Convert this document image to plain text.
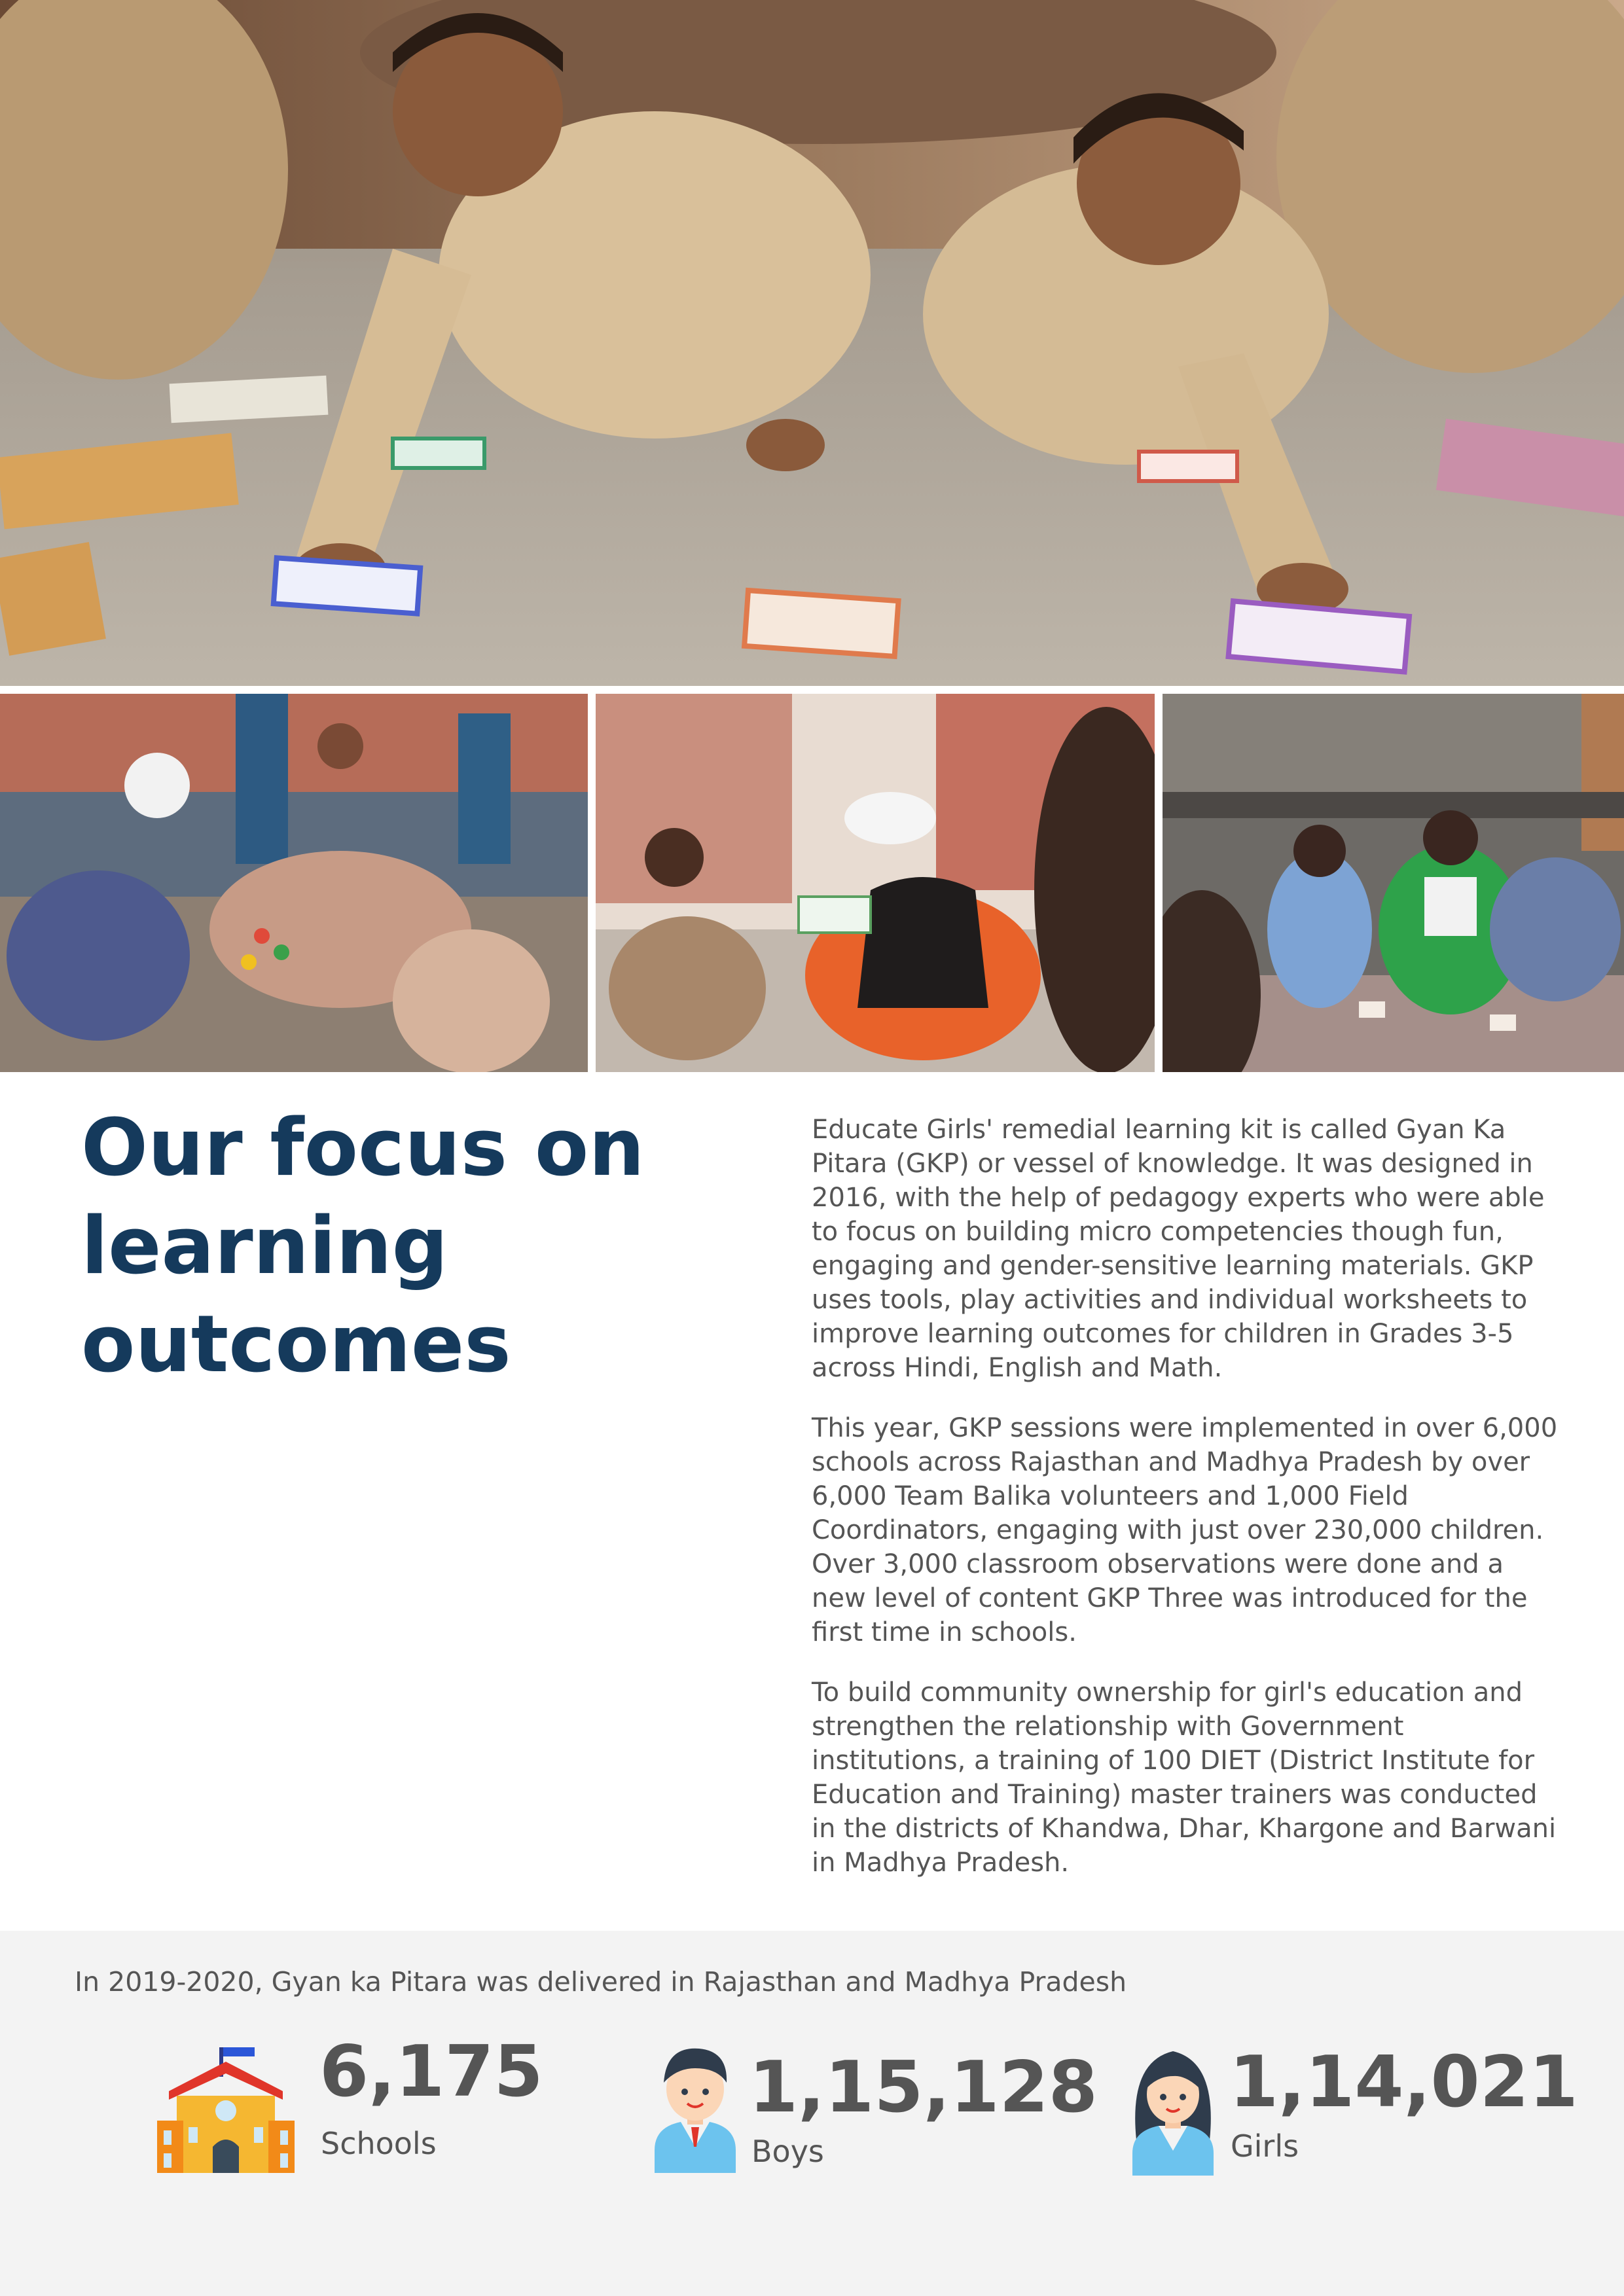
Our focus on learning outcomes

Educate Girls' remedial learning kit is called Gyan Ka Pitara (GKP) or vessel of knowledge. It was designed in 2016, with the help of pedagogy experts who were able to focus on building micro competencies though fun, engaging and gender-sensitive learning materials. GKP uses tools, play activities and individual worksheets to improve learning outcomes for children in Grades 3-5 across Hindi, English and Math.

This year, GKP sessions were implemented in over 6,000 schools across Rajasthan and Madhya Pradesh by over 6,000 Team Balika volunteers and 1,000 Field Coordinators, engaging with just over 230,000 children. Over 3,000 classroom observations were done and a new level of content GKP Three was introduced for the first time in schools.

To build community ownership for girl's education and strengthen the relationship with Government institutions, a training of 100 DIET (District Institute for Education and Training) master trainers was conducted in the districts of Khandwa, Dhar, Khargone and Barwani in Madhya Pradesh.

In 2019-2020, Gyan ka Pitara was delivered in Rajasthan and Madhya Pradesh
6,175
Schools
1,15,128
Boys
1,14,021
Girls
